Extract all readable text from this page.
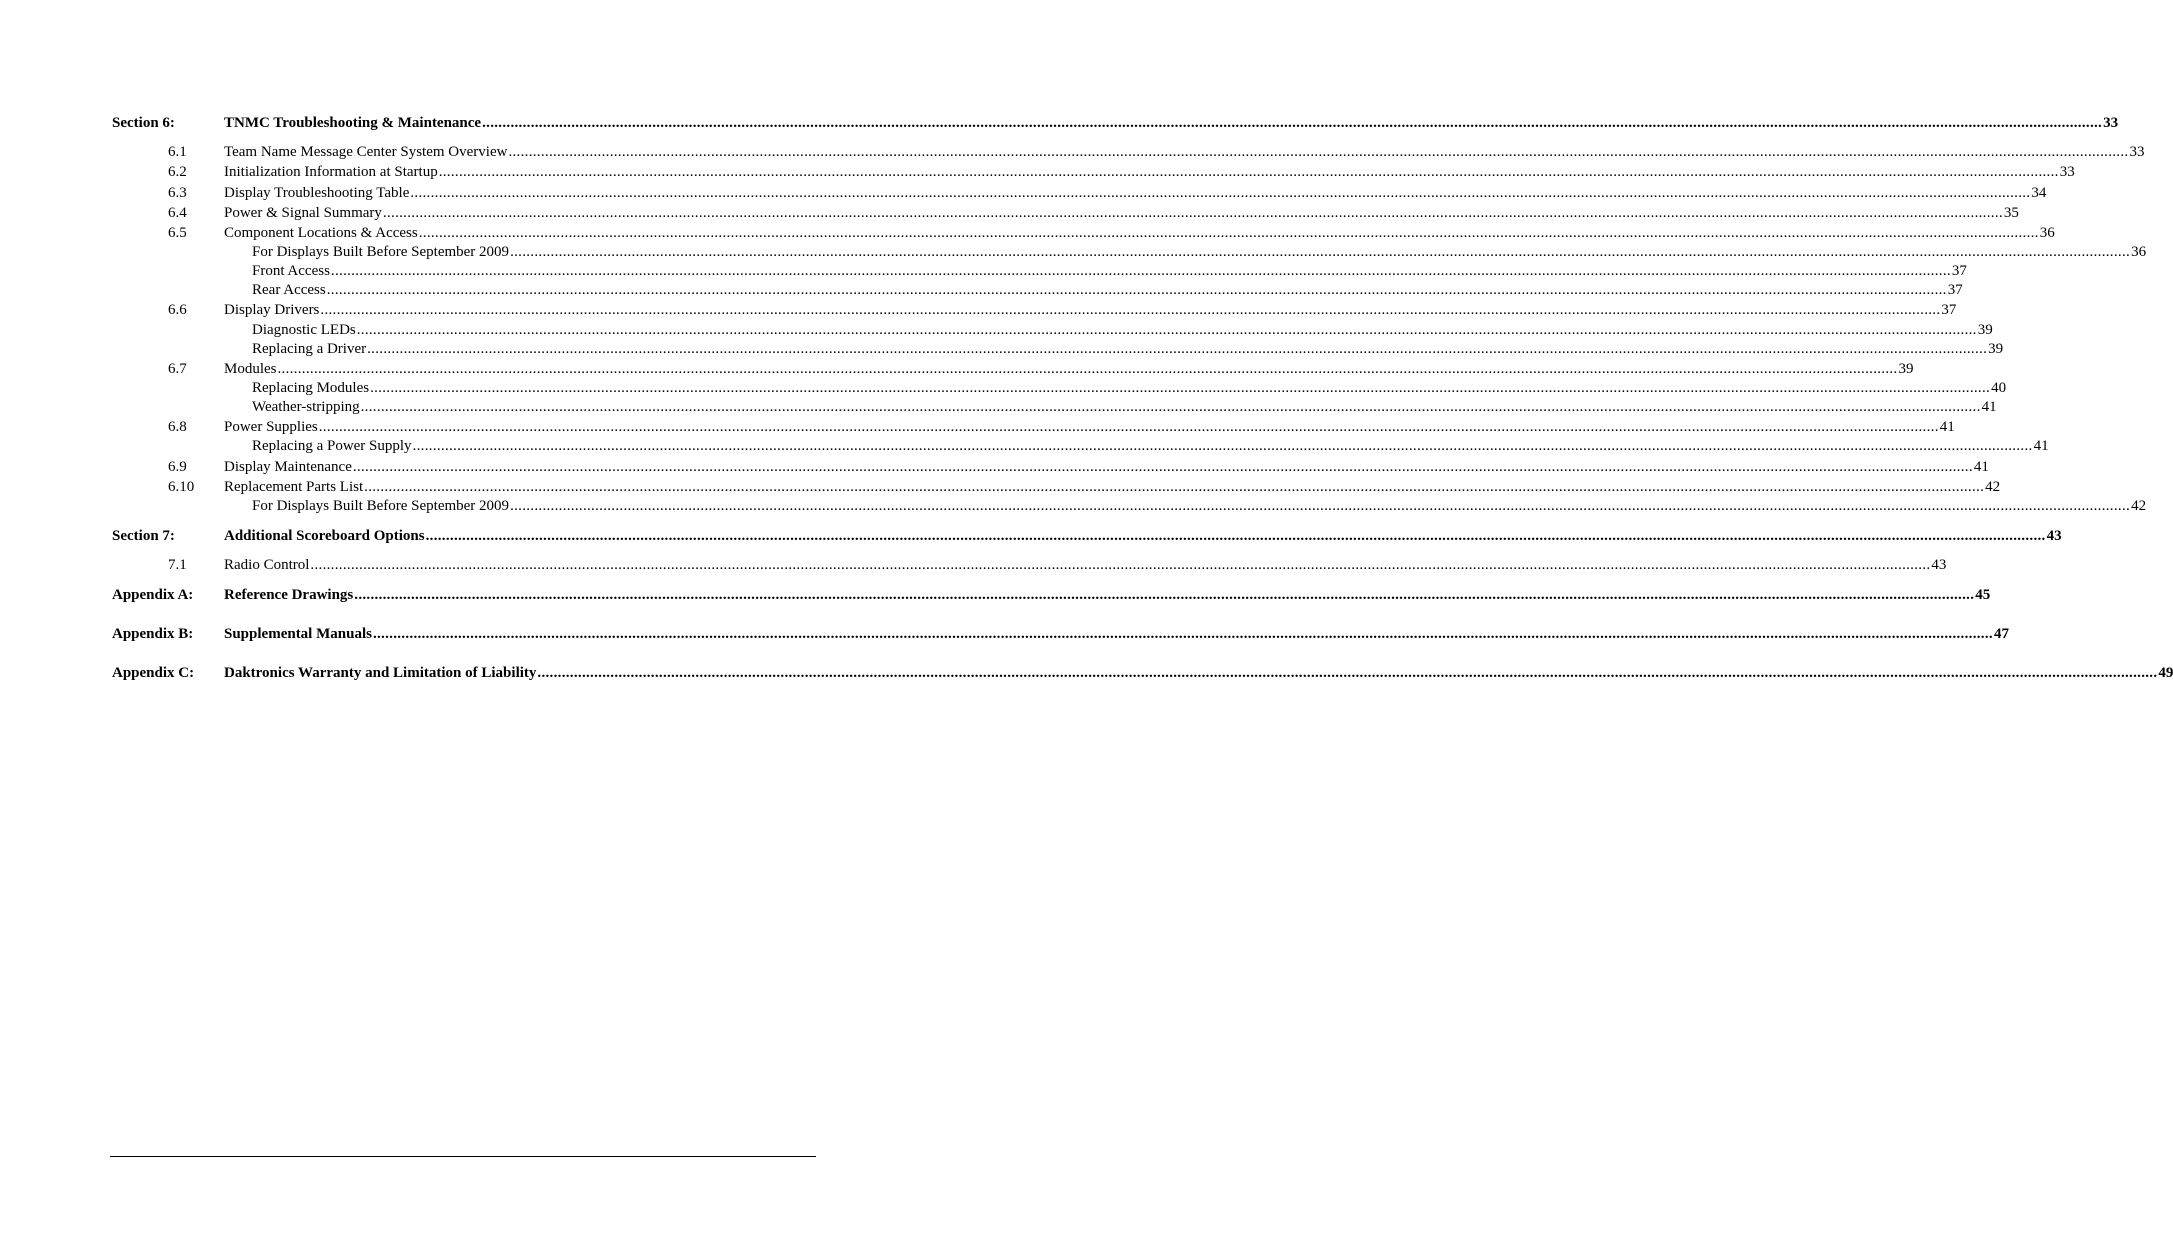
Section 6:	TNMC Troubleshooting & Maintenance ................................................................................................................................................................................................................................................................................................................................................................................................................ 33
6.1 Team Name Message Center System Overview ................................................................................................................................................................................................................................................................................................................................................................................................................ 33
6.2 Initialization Information at Startup ................................................................................................................................................................................................................................................................................................................................................................................................................ 33
6.3 Display Troubleshooting Table ................................................................................................................................................................................................................................................................................................................................................................................................................ 34
6.4 Power & Signal Summary ................................................................................................................................................................................................................................................................................................................................................................................................................ 35
6.5 Component Locations & Access ................................................................................................................................................................................................................................................................................................................................................................................................................ 36
For Displays Built Before September 2009 ................................................................................................................................................................................................................................................................................................................................................................................................................ 36
Front Access ................................................................................................................................................................................................................................................................................................................................................................................................................ 37
Rear Access ................................................................................................................................................................................................................................................................................................................................................................................................................ 37
6.6 Display Drivers ................................................................................................................................................................................................................................................................................................................................................................................................................ 37
Diagnostic LEDs ................................................................................................................................................................................................................................................................................................................................................................................................................ 39
Replacing a Driver ................................................................................................................................................................................................................................................................................................................................................................................................................ 39
6.7 Modules ................................................................................................................................................................................................................................................................................................................................................................................................................ 39
Replacing Modules ................................................................................................................................................................................................................................................................................................................................................................................................................ 40
Weather-stripping ................................................................................................................................................................................................................................................................................................................................................................................................................ 41
6.8 Power Supplies ................................................................................................................................................................................................................................................................................................................................................................................................................ 41
Replacing a Power Supply ................................................................................................................................................................................................................................................................................................................................................................................................................ 41
6.9 Display Maintenance ................................................................................................................................................................................................................................................................................................................................................................................................................ 41
6.10 Replacement Parts List ................................................................................................................................................................................................................................................................................................................................................................................................................ 42
For Displays Built Before September 2009 ................................................................................................................................................................................................................................................................................................................................................................................................................ 42
Section 7:	Additional Scoreboard Options ................................................................................................................................................................................................................................................................................................................................................................................................................ 43
7.1 Radio Control ................................................................................................................................................................................................................................................................................................................................................................................................................ 43
Appendix A: Reference Drawings ................................................................................................................................................................................................................................................................................................................................................................................................................ 45
Appendix B: Supplemental Manuals ................................................................................................................................................................................................................................................................................................................................................................................................................ 47
Appendix C: Daktronics Warranty and Limitation of Liability ................................................................................................................................................................................................................................................................................................................................................................................................................ 49
